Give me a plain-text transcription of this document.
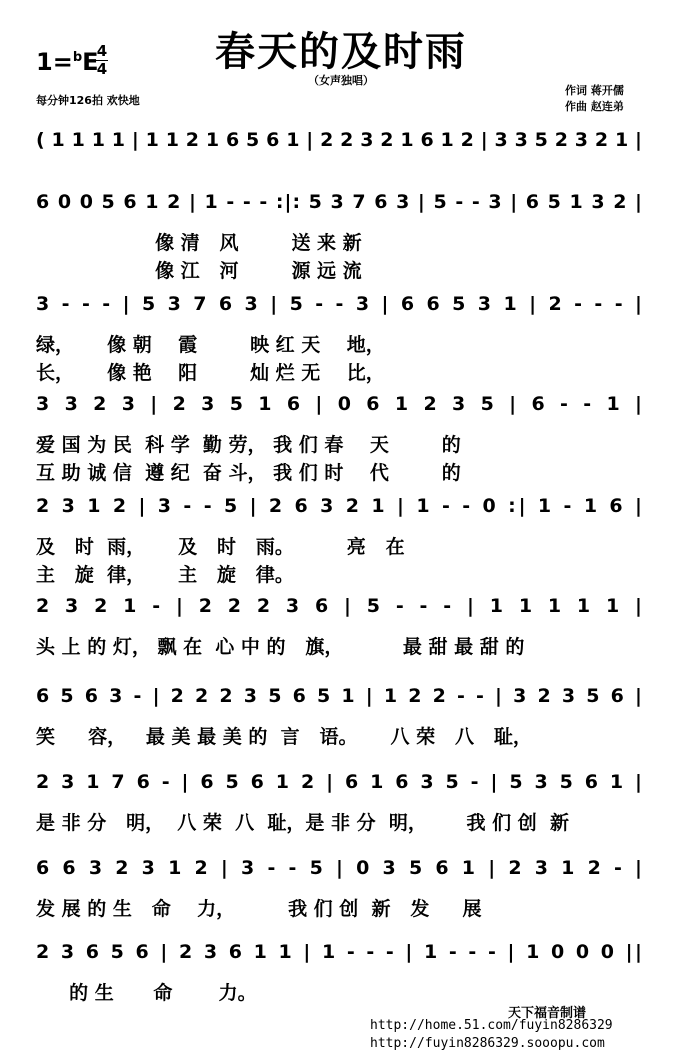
春天的及时雨
（女声独唱）
1=$^b$E
4
4
每分钟126拍 欢快地
作词 蒋开儒
作曲 赵连弟
( 1 1 1 1 | 1 1 2 1 6 5 6 1 | 2 2 3 2 1 6 1 2 | 3 3 5 2 3 2 1 |
6 0 0 5 6 1 2 | 1 - - - :|: 5 3 7 6 3 | 5 - - 3 | 6 5 1 3 2 |
像 清   风        送 来 新
像 江   河        源 远 流
3 - - - | 5 3 7 6 3 | 5 - - 3 | 6 6 5 3 1 | 2 - - - |
绿，     像 朝    霞        映 红 天    地，
长，     像 艳    阳        灿 烂 无    比，
3 3 2 3 | 2 3 5 1 6 | 0 6 1 2 3 5 | 6 - - 1 |
爱 国 为 民  科 学  勤 劳， 我 们 春    天        的
互 助 诚 信  遵 纪  奋 斗， 我 们 时    代        的
2 3 1 2 | 3 - - 5 | 2 6 3 2 1 | 1 - - 0 :| 1 - 1 6 |
及   时  雨，     及   时   雨。        亮   在
主   旋  律，     主   旋   律。
2 3 2 1 - | 2 2 2 3 6 | 5 - - - | 1 1 1 1 1 |
头 上 的 灯， 飘 在  心 中 的   旗，         最 甜 最 甜 的
6 5 6 3 - | 2 2 2 3 5 6 5 1 | 1 2 2 - - | 3 2 3 5 6 |
笑     容，   最 美 最 美 的  言   语。     八 荣   八   耻，
2 3 1 7 6 - | 6 5 6 1 2 | 6 1 6 3 5 - | 5 3 5 6 1 |
是 非 分   明，  八 荣  八  耻，是 非 分  明，      我 们 创  新
6 6 3 2 3 1 2 | 3 - - 5 | 0 3 5 6 1 | 2 3 1 2 - |
发 展 的 生   命    力，        我 们 创  新   发     展
2 3 6 5 6 | 2 3 6 1 1 | 1 - - - | 1 - - - | 1 0 0 0 ||
的 生      命       力。
天下福音制谱
http://home.51.com/fuyin8286329
http://fuyin8286329.sooopu.com
